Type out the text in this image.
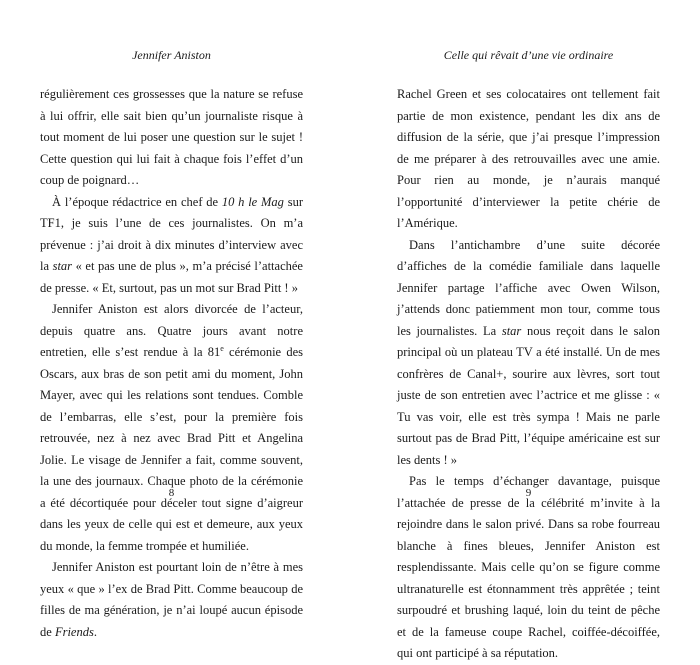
Jennifer Aniston

régulièrement ces grossesses que la nature se refuse à lui offrir, elle sait bien qu’un journaliste risque à tout moment de lui poser une question sur le sujet ! Cette question qui lui fait à chaque fois l’effet d’un coup de poignard…

À l’époque rédactrice en chef de 10 h le Mag sur TF1, je suis l’une de ces journalistes. On m’a prévenue : j’ai droit à dix minutes d’interview avec la star « et pas une de plus », m’a précisé l’attachée de presse. « Et, surtout, pas un mot sur Brad Pitt ! »

Jennifer Aniston est alors divorcée de l’acteur, depuis quatre ans. Quatre jours avant notre entretien, elle s’est rendue à la 81e cérémonie des Oscars, aux bras de son petit ami du moment, John Mayer, avec qui les relations sont tendues. Comble de l’embarras, elle s’est, pour la première fois retrouvée, nez à nez avec Brad Pitt et Angelina Jolie. Le visage de Jennifer a fait, comme souvent, la une des journaux. Chaque photo de la cérémonie a été décortiquée pour déceler tout signe d’aigreur dans les yeux de celle qui est et demeure, aux yeux du monde, la femme trompée et humiliée.

Jennifer Aniston est pourtant loin de n’être à mes yeux « que » l’ex de Brad Pitt. Comme beaucoup de filles de ma génération, je n’ai loupé aucun épisode de Friends.

8
Celle qui rêvait d’une vie ordinaire

Rachel Green et ses colocataires ont tellement fait partie de mon existence, pendant les dix ans de diffusion de la série, que j’ai presque l’impression de me préparer à des retrouvailles avec une amie. Pour rien au monde, je n’aurais manqué l’opportunité d’interviewer la petite chérie de l’Amérique.

Dans l’antichambre d’une suite décorée d’affiches de la comédie familiale dans laquelle Jennifer partage l’affiche avec Owen Wilson, j’attends donc patiemment mon tour, comme tous les journalistes. La star nous reçoit dans le salon principal où un plateau TV a été installé. Un de mes confrères de Canal+, sourire aux lèvres, sort tout juste de son entretien avec l’actrice et me glisse : « Tu vas voir, elle est très sympa ! Mais ne parle surtout pas de Brad Pitt, l’équipe américaine est sur les dents ! »

Pas le temps d’échanger davantage, puisque l’attachée de presse de la célébrité m’invite à la rejoindre dans le salon privé. Dans sa robe fourreau blanche à fines bleues, Jennifer Aniston est resplendissante. Mais celle qu’on se figure comme ultranaturelle est étonnamment très apprêtée ; teint surpoudré et brushing laqué, loin du teint de pêche et de la fameuse coupe Rachel, coiffée-décoiffée, qui ont participé à sa réputation.

9
